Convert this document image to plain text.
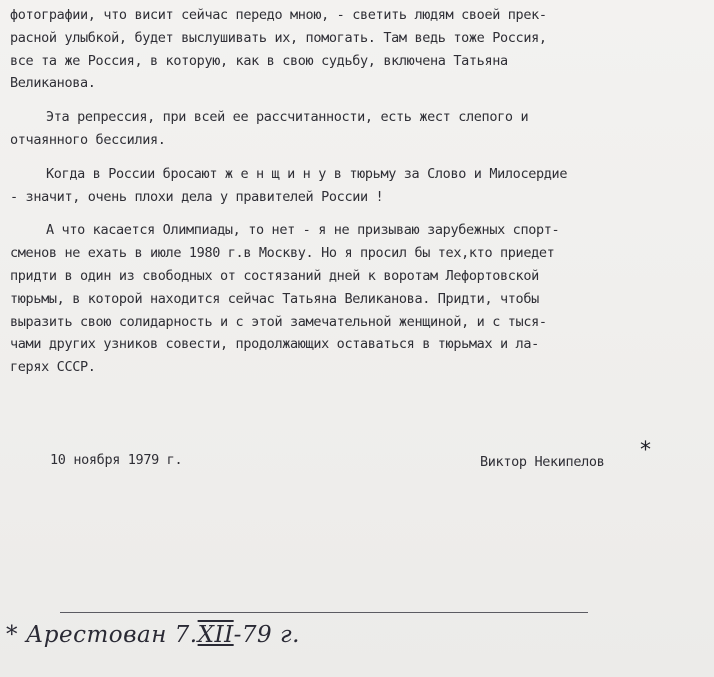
фотографии, что висит сейчас передо мною, - светить людям своей прек-
расной улыбкой, будет выслушивать их, помогать. Там ведь тоже Россия,
все та же Россия, в которую, как в свою судьбу, включена Татьяна
Великанова.
Эта репрессия, при всей ее рассчитанности, есть жест слепого и
отчаянного бессилия.
Когда в России бросают ж е н щ и н у в тюрьму за Слово и Милосердие
- значит, очень плохи дела у правителей России !
А что касается Олимпиады, то нет - я не призываю зарубежных спорт-
сменов не ехать в июле 1980 г.в Москву. Но я просил бы тех,кто приедет
придти в один из свободных от состязаний дней к воротам Лефортовской
тюрьмы, в которой находится сейчас Татьяна Великанова. Придти, чтобы
выразить свою солидарность и с этой замечательной женщиной, и с тыся-
чами других узников совести, продолжающих оставаться в тюрьмах и ла-
герях СССР.
10 ноября 1979 г.	Виктор Некипелов *
* Арестован 7.XII-79 г.
